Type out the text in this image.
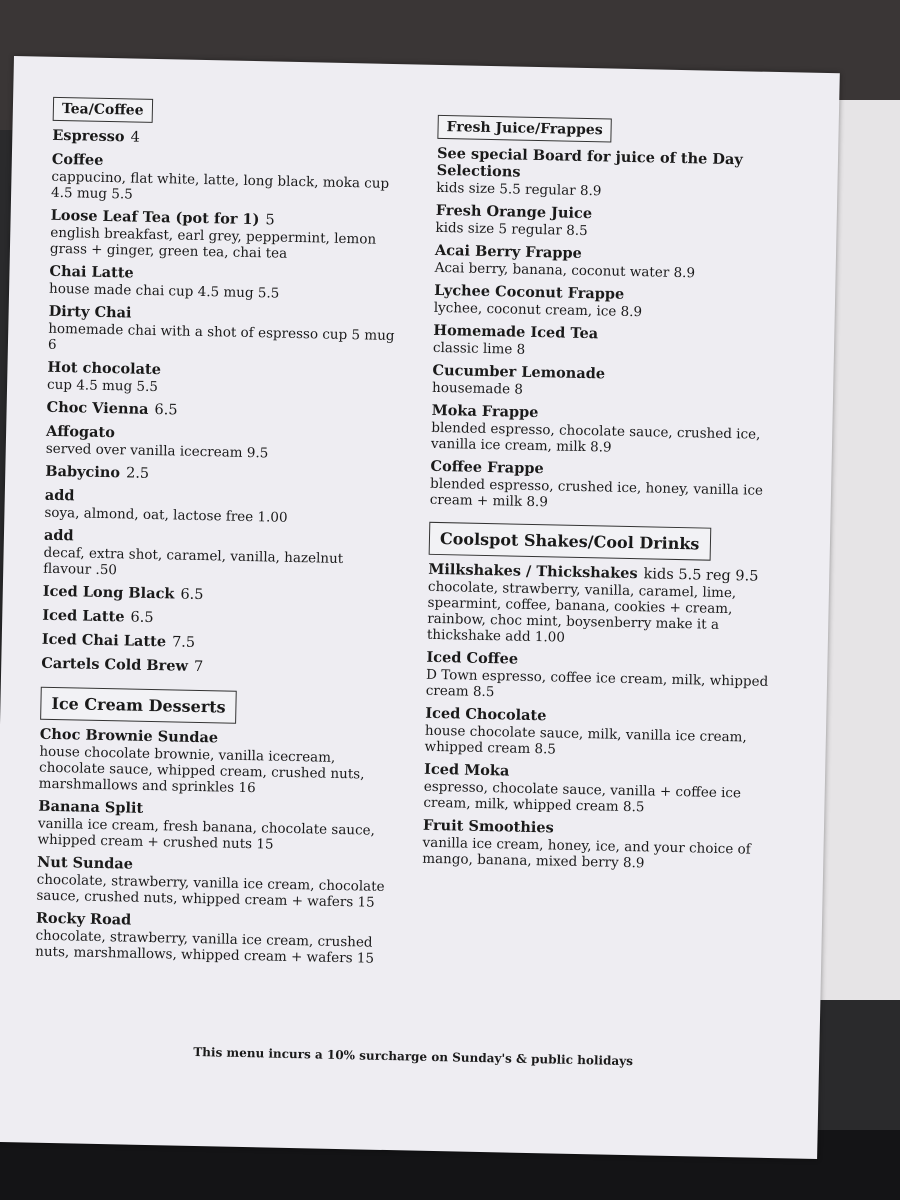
Tea/Coffee
Espresso 4
Coffee
cappucino, flat white, latte, long black, moka cup 4.5 mug 5.5
Loose Leaf Tea (pot for 1) 5
english breakfast, earl grey, peppermint, lemon grass + ginger, green tea, chai tea
Chai Latte
house made chai cup 4.5 mug 5.5
Dirty Chai
homemade chai with a shot of espresso cup 5 mug 6
Hot chocolate
cup 4.5 mug 5.5
Choc Vienna 6.5
Affogato
served over vanilla icecream 9.5
Babycino 2.5
add
soya, almond, oat, lactose free 1.00
add
decaf, extra shot, caramel, vanilla, hazelnut flavour .50
Iced Long Black 6.5
Iced Latte 6.5
Iced Chai Latte 7.5
Cartels Cold Brew 7
Ice Cream Desserts
Choc Brownie Sundae
house chocolate brownie, vanilla icecream, chocolate sauce, whipped cream, crushed nuts, marshmallows and sprinkles 16
Banana Split
vanilla ice cream, fresh banana, chocolate sauce, whipped cream + crushed nuts 15
Nut Sundae
chocolate, strawberry, vanilla ice cream, chocolate sauce, crushed nuts, whipped cream + wafers 15
Rocky Road
chocolate, strawberry, vanilla ice cream, crushed nuts, marshmallows, whipped cream + wafers 15
Fresh Juice/Frappes
See special Board for juice of the Day Selections
kids size 5.5 regular 8.9
Fresh Orange Juice
kids size 5 regular 8.5
Acai Berry Frappe
Acai berry, banana, coconut water 8.9
Lychee Coconut Frappe
lychee, coconut cream, ice 8.9
Homemade Iced Tea
classic lime 8
Cucumber Lemonade
housemade 8
Moka Frappe
blended espresso, chocolate sauce, crushed ice, vanilla ice cream, milk 8.9
Coffee Frappe
blended espresso, crushed ice, honey, vanilla ice cream + milk 8.9
Coolspot Shakes/Cool Drinks
Milkshakes / Thickshakes kids 5.5 reg 9.5
chocolate, strawberry, vanilla, caramel, lime, spearmint, coffee, banana, cookies + cream, rainbow, choc mint, boysenberry make it a thickshake add 1.00
Iced Coffee
D Town espresso, coffee ice cream, milk, whipped cream 8.5
Iced Chocolate
house chocolate sauce, milk, vanilla ice cream, whipped cream 8.5
Iced Moka
espresso, chocolate sauce, vanilla + coffee ice cream, milk, whipped cream 8.5
Fruit Smoothies
vanilla ice cream, honey, ice, and your choice of mango, banana, mixed berry 8.9
This menu incurs a 10% surcharge on Sunday's & public holidays
